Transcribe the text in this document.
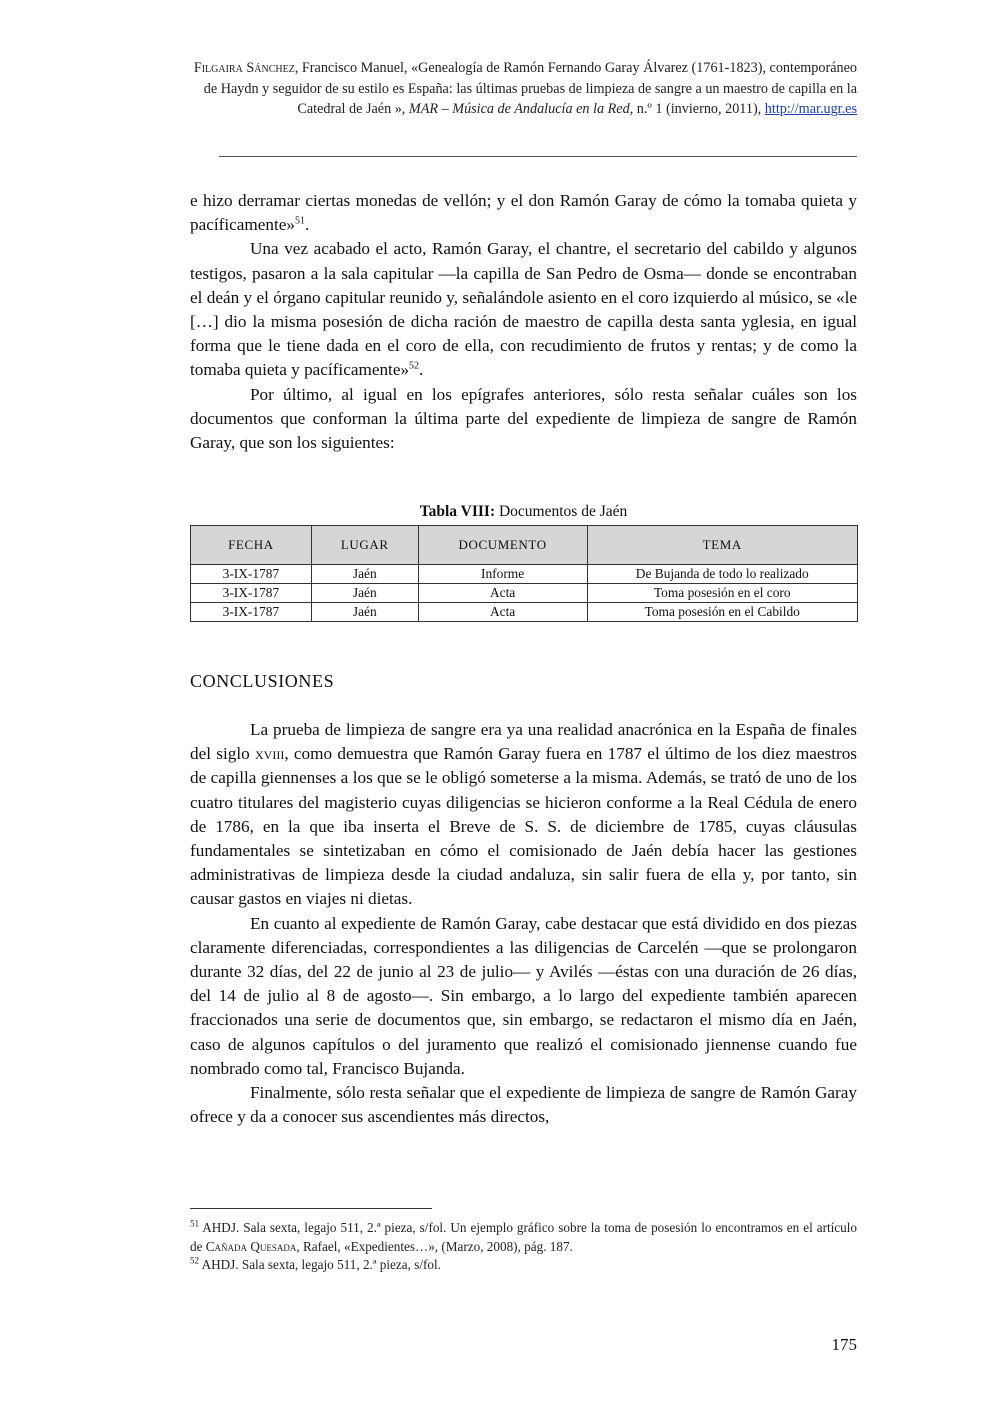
Filgaira Sánchez, Francisco Manuel, «Genealogía de Ramón Fernando Garay Álvarez (1761-1823), contemporáneo de Haydn y seguidor de su estilo es España: las últimas pruebas de limpieza de sangre a un maestro de capilla en la Catedral de Jaén », MAR – Música de Andalucía en la Red, n.º 1 (invierno, 2011), http://mar.ugr.es

e hizo derramar ciertas monedas de vellón; y el don Ramón Garay de cómo la tomaba quieta y pacíficamente»$^{51}$.

Una vez acabado el acto, Ramón Garay, el chantre, el secretario del cabildo y algunos testigos, pasaron a la sala capitular —la capilla de San Pedro de Osma— donde se encontraban el deán y el órgano capitular reunido y, señalándole asiento en el coro izquierdo al músico, se «le […] dio la misma posesión de dicha ración de maestro de capilla desta santa yglesia, en igual forma que le tiene dada en el coro de ella, con recudimiento de frutos y rentas; y de como la tomaba quieta y pacíficamente»$^{52}$.

Por último, al igual en los epígrafes anteriores, sólo resta señalar cuáles son los documentos que conforman la última parte del expediente de limpieza de sangre de Ramón Garay, que son los siguientes:

Tabla VIII: Documentos de Jaén
FECHA	LUGAR	DOCUMENTO	TEMA
3-IX-1787	Jaén	Informe	De Bujanda de todo lo realizado
3-IX-1787	Jaén	Acta	Toma posesión en el coro
3-IX-1787	Jaén	Acta	Toma posesión en el Cabildo
CONCLUSIONES

La prueba de limpieza de sangre era ya una realidad anacrónica en la España de finales del siglo xviii, como demuestra que Ramón Garay fuera en 1787 el último de los diez maestros de capilla giennenses a los que se le obligó someterse a la misma. Además, se trató de uno de los cuatro titulares del magisterio cuyas diligencias se hicieron conforme a la Real Cédula de enero de 1786, en la que iba inserta el Breve de S. S. de diciembre de 1785, cuyas cláusulas fundamentales se sintetizaban en cómo el comisionado de Jaén debía hacer las gestiones administrativas de limpieza desde la ciudad andaluza, sin salir fuera de ella y, por tanto, sin causar gastos en viajes ni dietas.

En cuanto al expediente de Ramón Garay, cabe destacar que está dividido en dos piezas claramente diferenciadas, correspondientes a las diligencias de Carcelén —que se prolongaron durante 32 días, del 22 de junio al 23 de julio— y Avilés —éstas con una duración de 26 días, del 14 de julio al 8 de agosto—. Sin embargo, a lo largo del expediente también aparecen fraccionados una serie de documentos que, sin embargo, se redactaron el mismo día en Jaén, caso de algunos capítulos o del juramento que realizó el comisionado jiennense cuando fue nombrado como tal, Francisco Bujanda.

Finalmente, sólo resta señalar que el expediente de limpieza de sangre de Ramón Garay ofrece y da a conocer sus ascendientes más directos,

$^{51}$ AHDJ. Sala sexta, legajo 511, 2.ª pieza, s/fol. Un ejemplo gráfico sobre la toma de posesión lo encontramos en el artículo de Cañada Quesada, Rafael, «Expedientes…», (Marzo, 2008), pág. 187.

$^{52}$ AHDJ. Sala sexta, legajo 511, 2.ª pieza, s/fol.

175
